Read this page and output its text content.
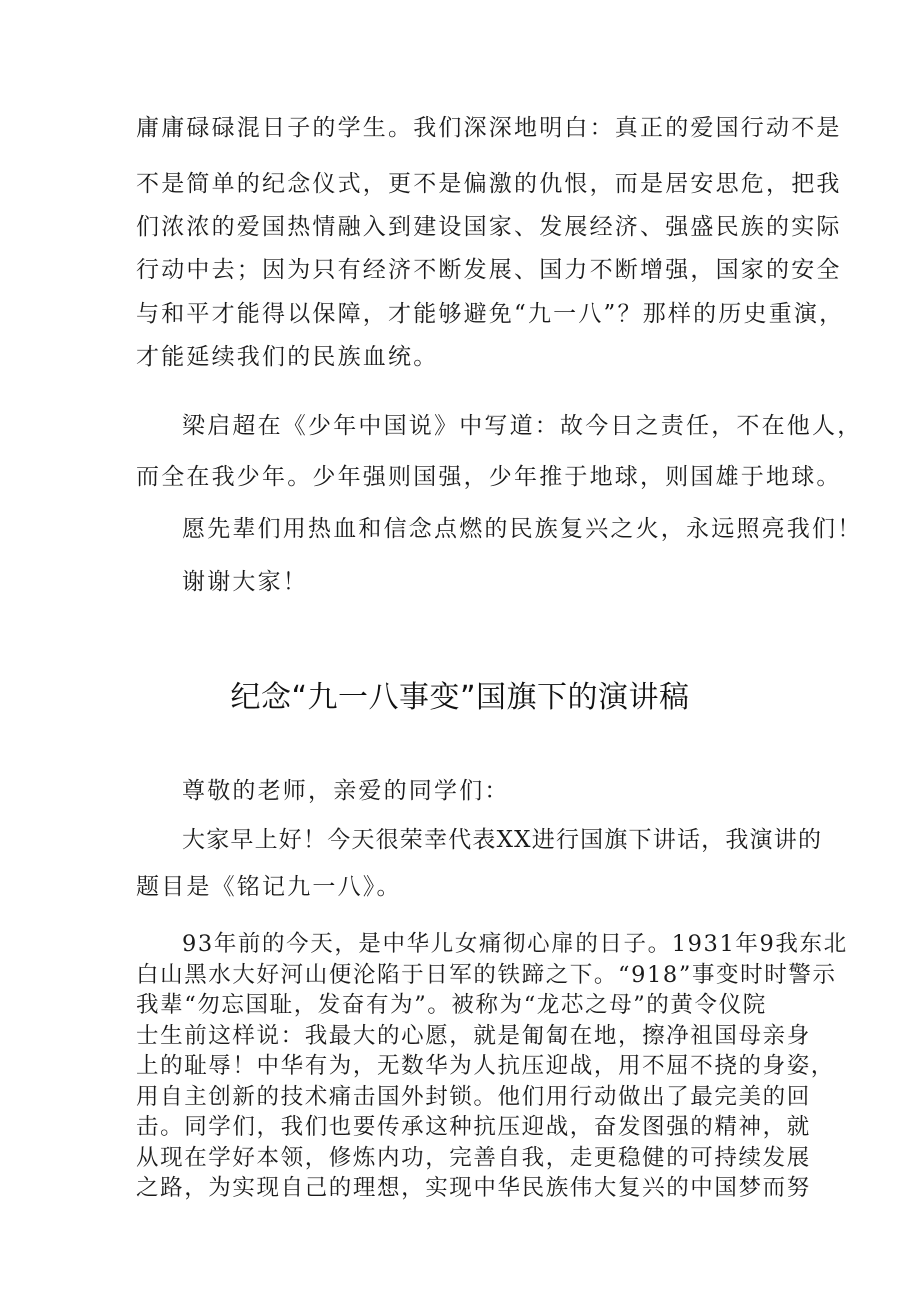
庸庸碌碌混日子的学生。我们深深地明白：真正的爱国行动不是
不是简单的纪念仪式，更不是偏激的仇恨，而是居安思危，把我
们浓浓的爱国热情融入到建设国家、发展经济、强盛民族的实际
行动中去；因为只有经济不断发展、国力不断增强，国家的安全
与和平才能得以保障，才能够避免“九一八”？那样的历史重演，
才能延续我们的民族血统。
梁启超在《少年中国说》中写道：故今日之责任，不在他人，
而全在我少年。少年强则国强，少年推于地球，则国雄于地球。
愿先辈们用热血和信念点燃的民族复兴之火，永远照亮我们！
谢谢大家！
纪念“九一八事变”国旗下的演讲稿
尊敬的老师，亲爱的同学们：
大家早上好！今天很荣幸代表XX进行国旗下讲话，我演讲的
题目是《铭记九一八》。
93年前的今天，是中华儿女痛彻心扉的日子。1931年9我东北
白山黑水大好河山便沦陷于日军的铁蹄之下。“918”事变时时警示
我辈“勿忘国耻，发奋有为”。被称为“龙芯之母”的黄令仪院
士生前这样说：我最大的心愿，就是匍匐在地，擦净祖国母亲身
上的耻辱！中华有为，无数华为人抗压迎战，用不屈不挠的身姿，
用自主创新的技术痛击国外封锁。他们用行动做出了最完美的回
击。同学们，我们也要传承这种抗压迎战，奋发图强的精神，就
从现在学好本领，修炼内功，完善自我，走更稳健的可持续发展
之路，为实现自己的理想，实现中华民族伟大复兴的中国梦而努
